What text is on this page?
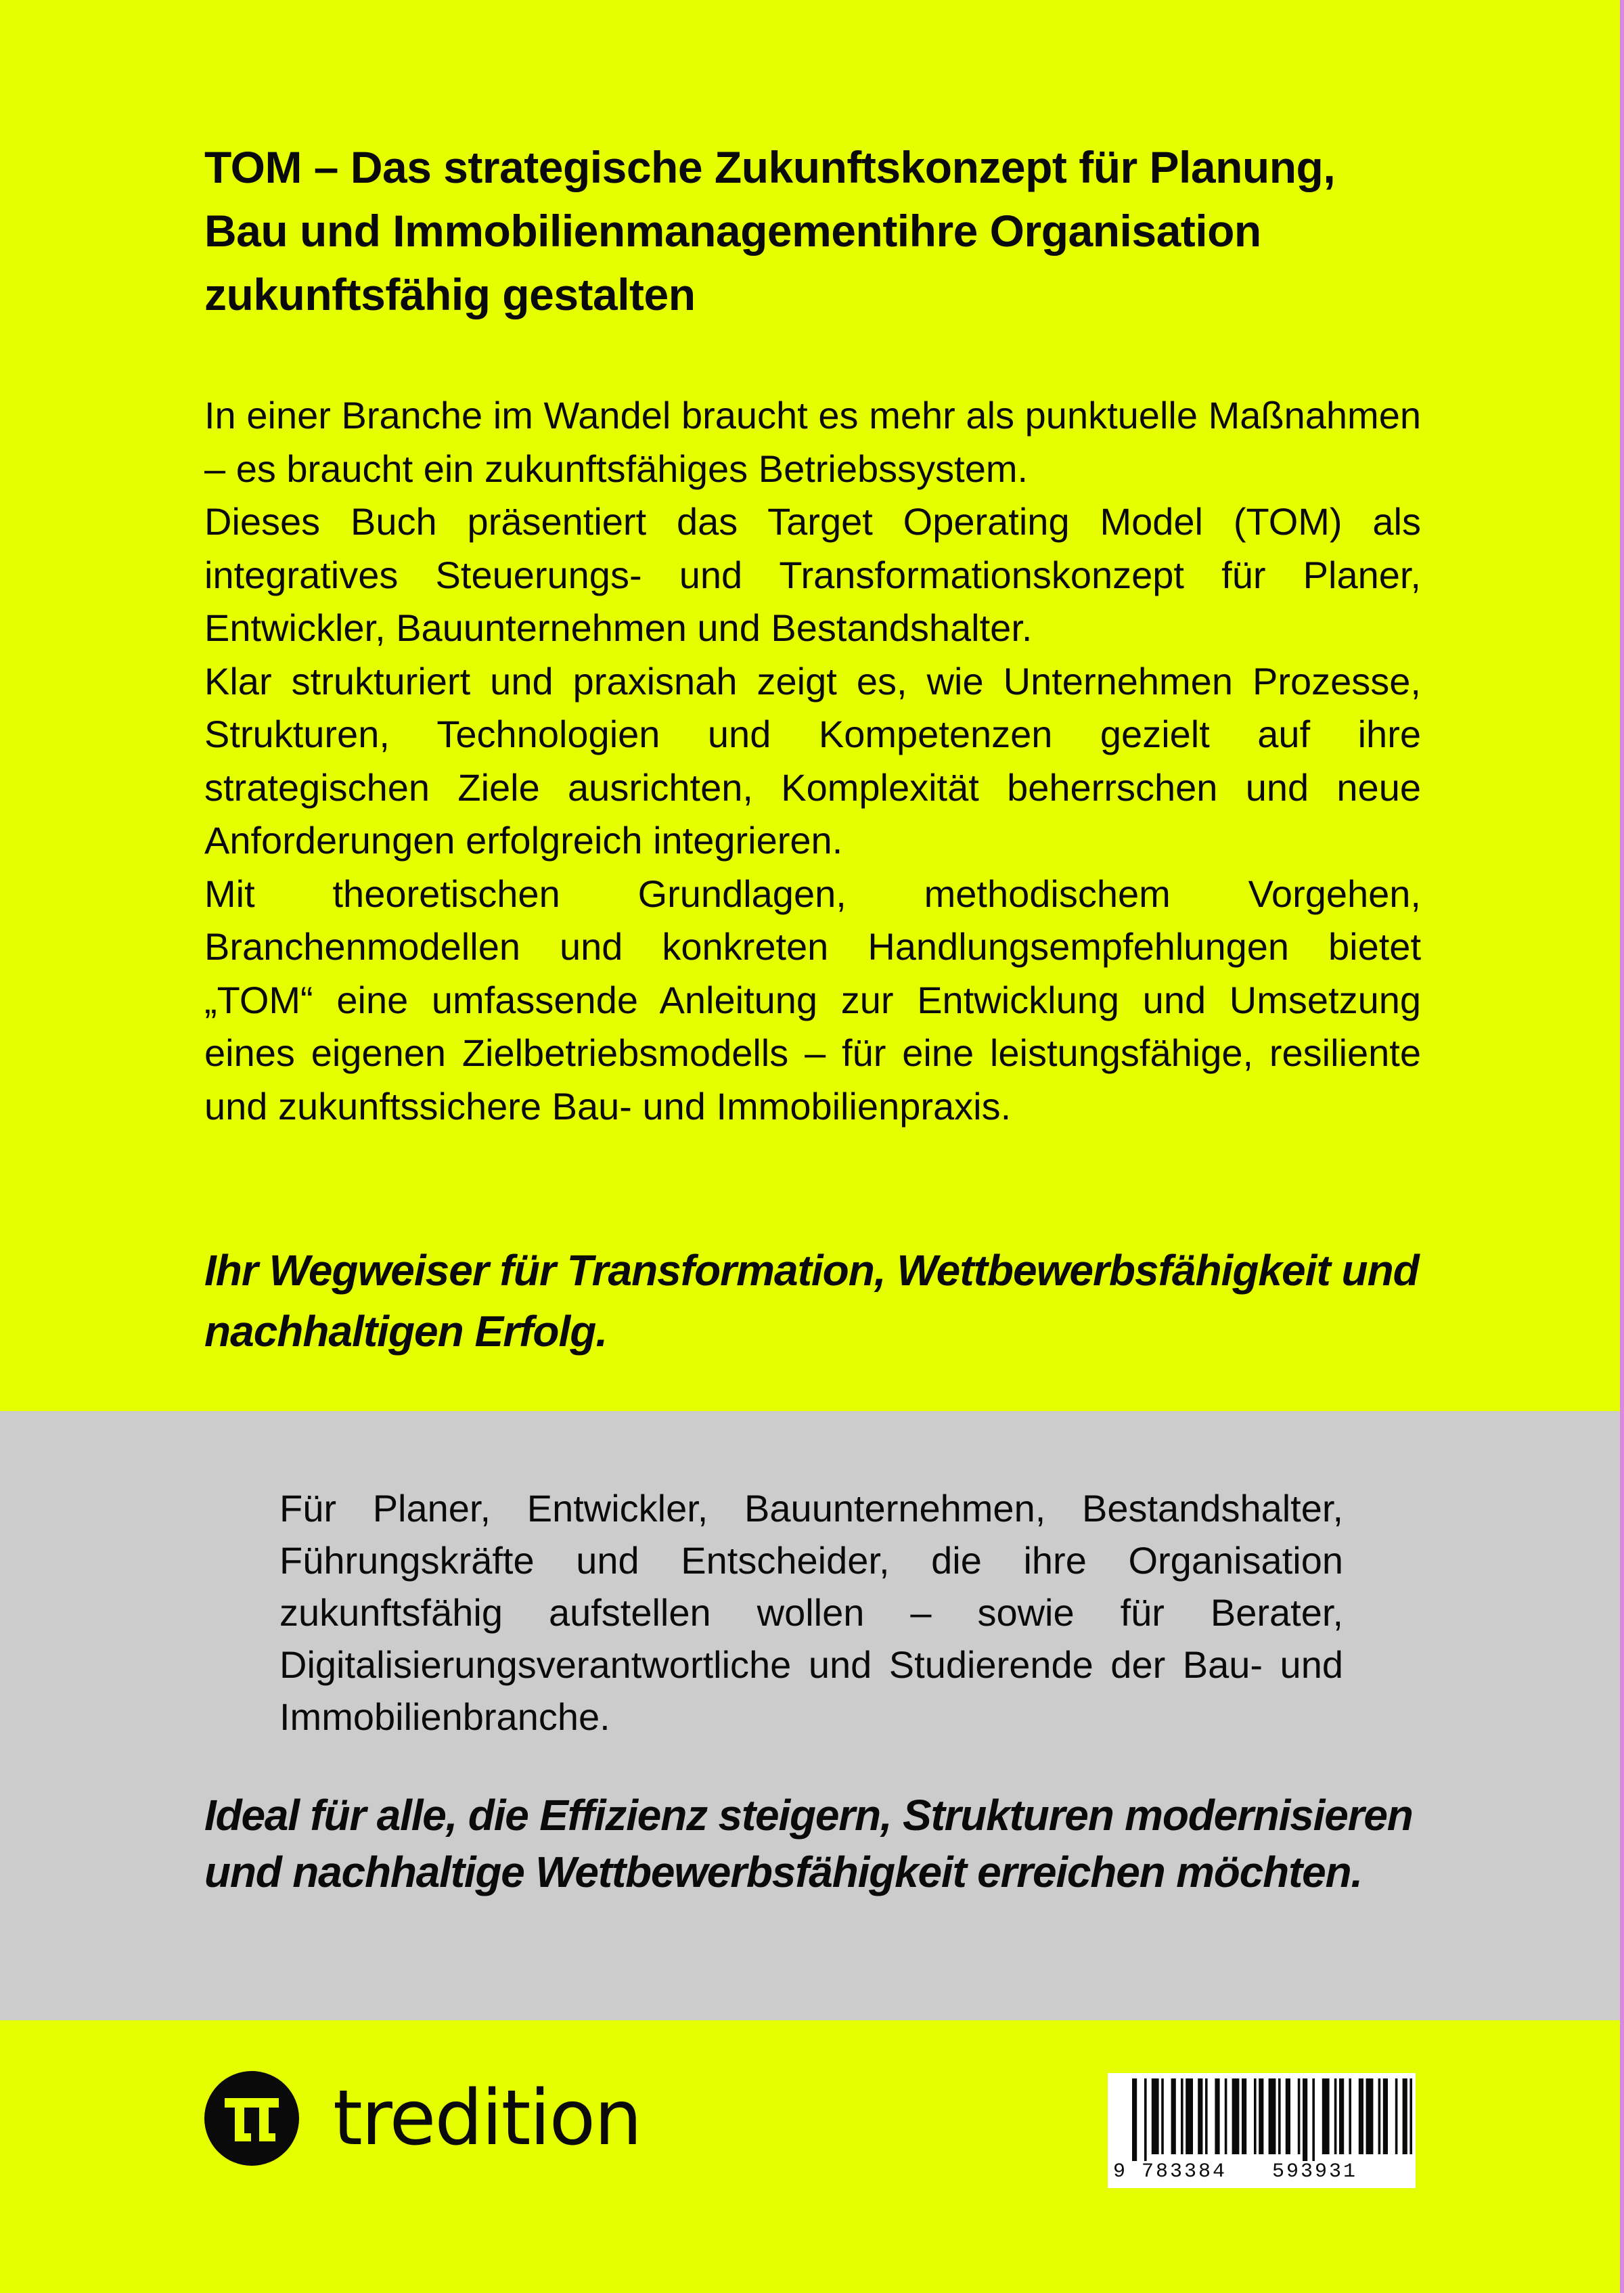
TOM – Das strategische Zukunftskonzept für Planung, Bau und Immobilienmanagementihre Organisation zukunftsfähig gestalten

In einer Branche im Wandel braucht es mehr als punktuelle Maßnahmen – es braucht ein zukunftsfähiges Betriebssystem.

Dieses Buch präsentiert das Target Operating Model (TOM) als integratives Steuerungs- und Transformationskonzept für Planer, Entwickler, Bauunternehmen und Bestandshalter.

Klar strukturiert und praxisnah zeigt es, wie Unternehmen Prozesse, Strukturen, Technologien und Kompetenzen gezielt auf ihre strategischen Ziele ausrichten, Komplexität beherrschen und neue Anforderungen erfolgreich integrieren.

Mit theoretischen Grundlagen, methodischem Vorgehen, Branchenmodellen und konkreten Handlungsempfehlungen bietet „TOM“ eine umfassende Anleitung zur Entwicklung und Umsetzung eines eigenen Zielbetriebsmodells – für eine leistungsfähige, resiliente und zukunftssichere Bau- und Immobilienpraxis.

Ihr Wegweiser für Transformation, Wettbewerbsfähigkeit und nachhaltigen Erfolg.

Für Planer, Entwickler, Bauunternehmen, Bestandshalter, Führungskräfte und Entscheider, die ihre Organisation zukunftsfähig aufstellen wollen – sowie für Berater, Digitalisierungsverantwortliche und Studierende der Bau- und Immobilienbranche.

Ideal für alle, die Effizienz steigern, Strukturen modernisieren und nachhaltige Wettbewerbsfähigkeit erreichen möchten.

tredition
9 783384 593931
